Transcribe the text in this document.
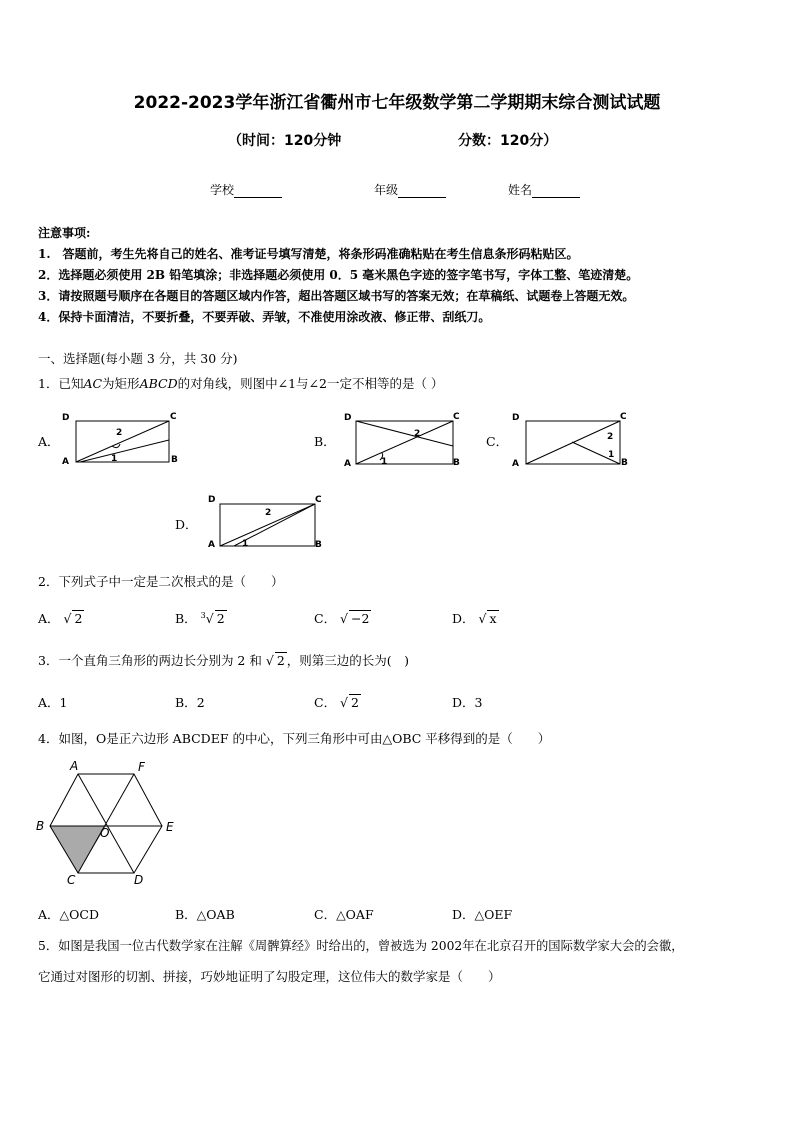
2022-2023学年浙江省衢州市七年级数学第二学期期末综合测试试题
（时间：120分钟	分数：120分）
学校	年级	姓名
注意事项:
1.　答题前，考生先将自己的姓名、准考证号填写清楚，将条形码准确粘贴在考生信息条形码粘贴区。
2．选择题必须使用 2B 铅笔填涂；非选择题必须使用 0．5 毫米黑色字迹的签字笔书写，字体工整、笔迹清楚。
3．请按照题号顺序在各题目的答题区域内作答，超出答题区域书写的答案无效；在草稿纸、试题卷上答题无效。
4．保持卡面清洁，不要折叠，不要弄破、弄皱，不准使用涂改液、修正带、刮纸刀。
一、选择题(每小题 3 分，共 30 分)
1．已知AC为矩形ABCD的对角线，则图中∠1与∠2一定不相等的是（ ）
A．	B．	C．
D．
D	C
A	B
2
1
D	C
A	B
2
1
D	C
A	B
2
1
D	C
A	B
2
1
2．下列式子中一定是二次根式的是（　　）
A． √ 2	B． $^3$√ 2	C． √ −2	D． √ x
3．一个直角三角形的两边长分别为 2 和 √ 2 ，则第三边的长为(　)
A．1	B．2	C． √ 2	D．3
4．如图，O是正六边形 ABCDEF 的中心，下列三角形中可由△OBC 平移得到的是（　　）
A	F
B	E
O
C	D
A．△OCD	B．△OAB	C．△OAF	D．△OEF
5．如图是我国一位古代数学家在注解《周髀算经》时给出的，曾被选为 2002年在北京召开的国际数学家大会的会徽，
它通过对图形的切割、拼接，巧妙地证明了勾股定理，这位伟大的数学家是（　　）
